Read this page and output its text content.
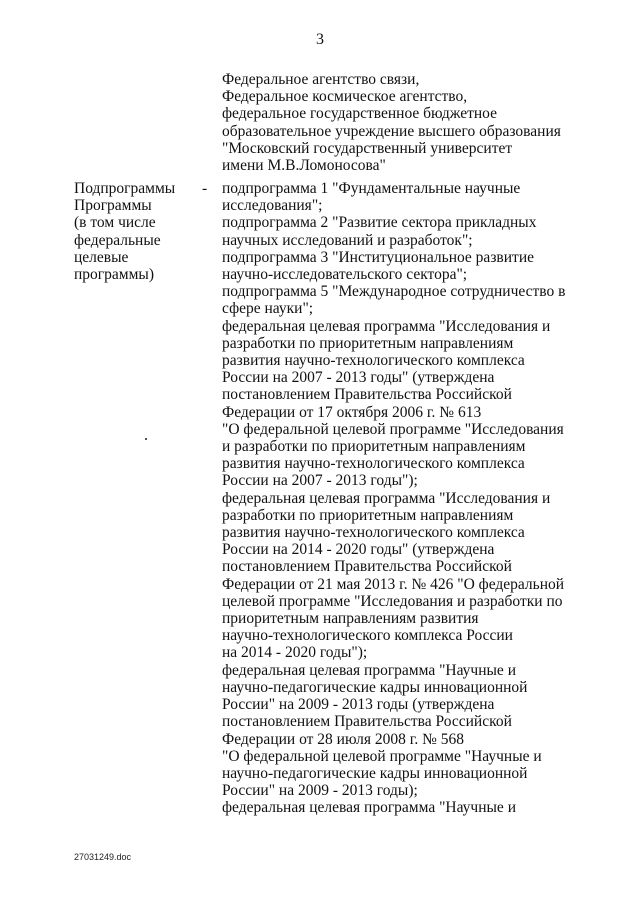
3
Федеральное агентство связи,
Федеральное космическое агентство,
федеральное государственное бюджетное
образовательное учреждение высшего образования
"Московский государственный университет
имени М.В.Ломоносова"
Подпрограммы
Программы
(в том числе
федеральные
целевые
программы)
- подпрограмма 1 "Фундаментальные научные
исследования";
подпрограмма 2 "Развитие сектора прикладных
научных исследований и разработок";
подпрограмма 3 "Институциональное развитие
научно-исследовательского сектора";
подпрограмма 5 "Международное сотрудничество в
сфере науки";
федеральная целевая программа "Исследования и
разработки по приоритетным направлениям
развития научно-технологического комплекса
России на 2007 - 2013 годы" (утверждена
постановлением Правительства Российской
Федерации от 17 октября 2006 г. № 613
"О федеральной целевой программе "Исследования
и разработки по приоритетным направлениям
развития научно-технологического комплекса
России на 2007 - 2013 годы");
федеральная целевая программа "Исследования и
разработки по приоритетным направлениям
развития научно-технологического комплекса
России на 2014 - 2020 годы" (утверждена
постановлением Правительства Российской
Федерации от 21 мая 2013 г. № 426 "О федеральной
целевой программе "Исследования и разработки по
приоритетным направлениям развития
научно-технологического комплекса России
на 2014 - 2020 годы");
федеральная целевая программа "Научные и
научно-педагогические кадры инновационной
России" на 2009 - 2013 годы (утверждена
постановлением Правительства Российской
Федерации от 28 июля 2008 г. № 568
"О федеральной целевой программе "Научные и
научно-педагогические кадры инновационной
России" на 2009 - 2013 годы);
федеральная целевая программа "Научные и
27031249.doc
